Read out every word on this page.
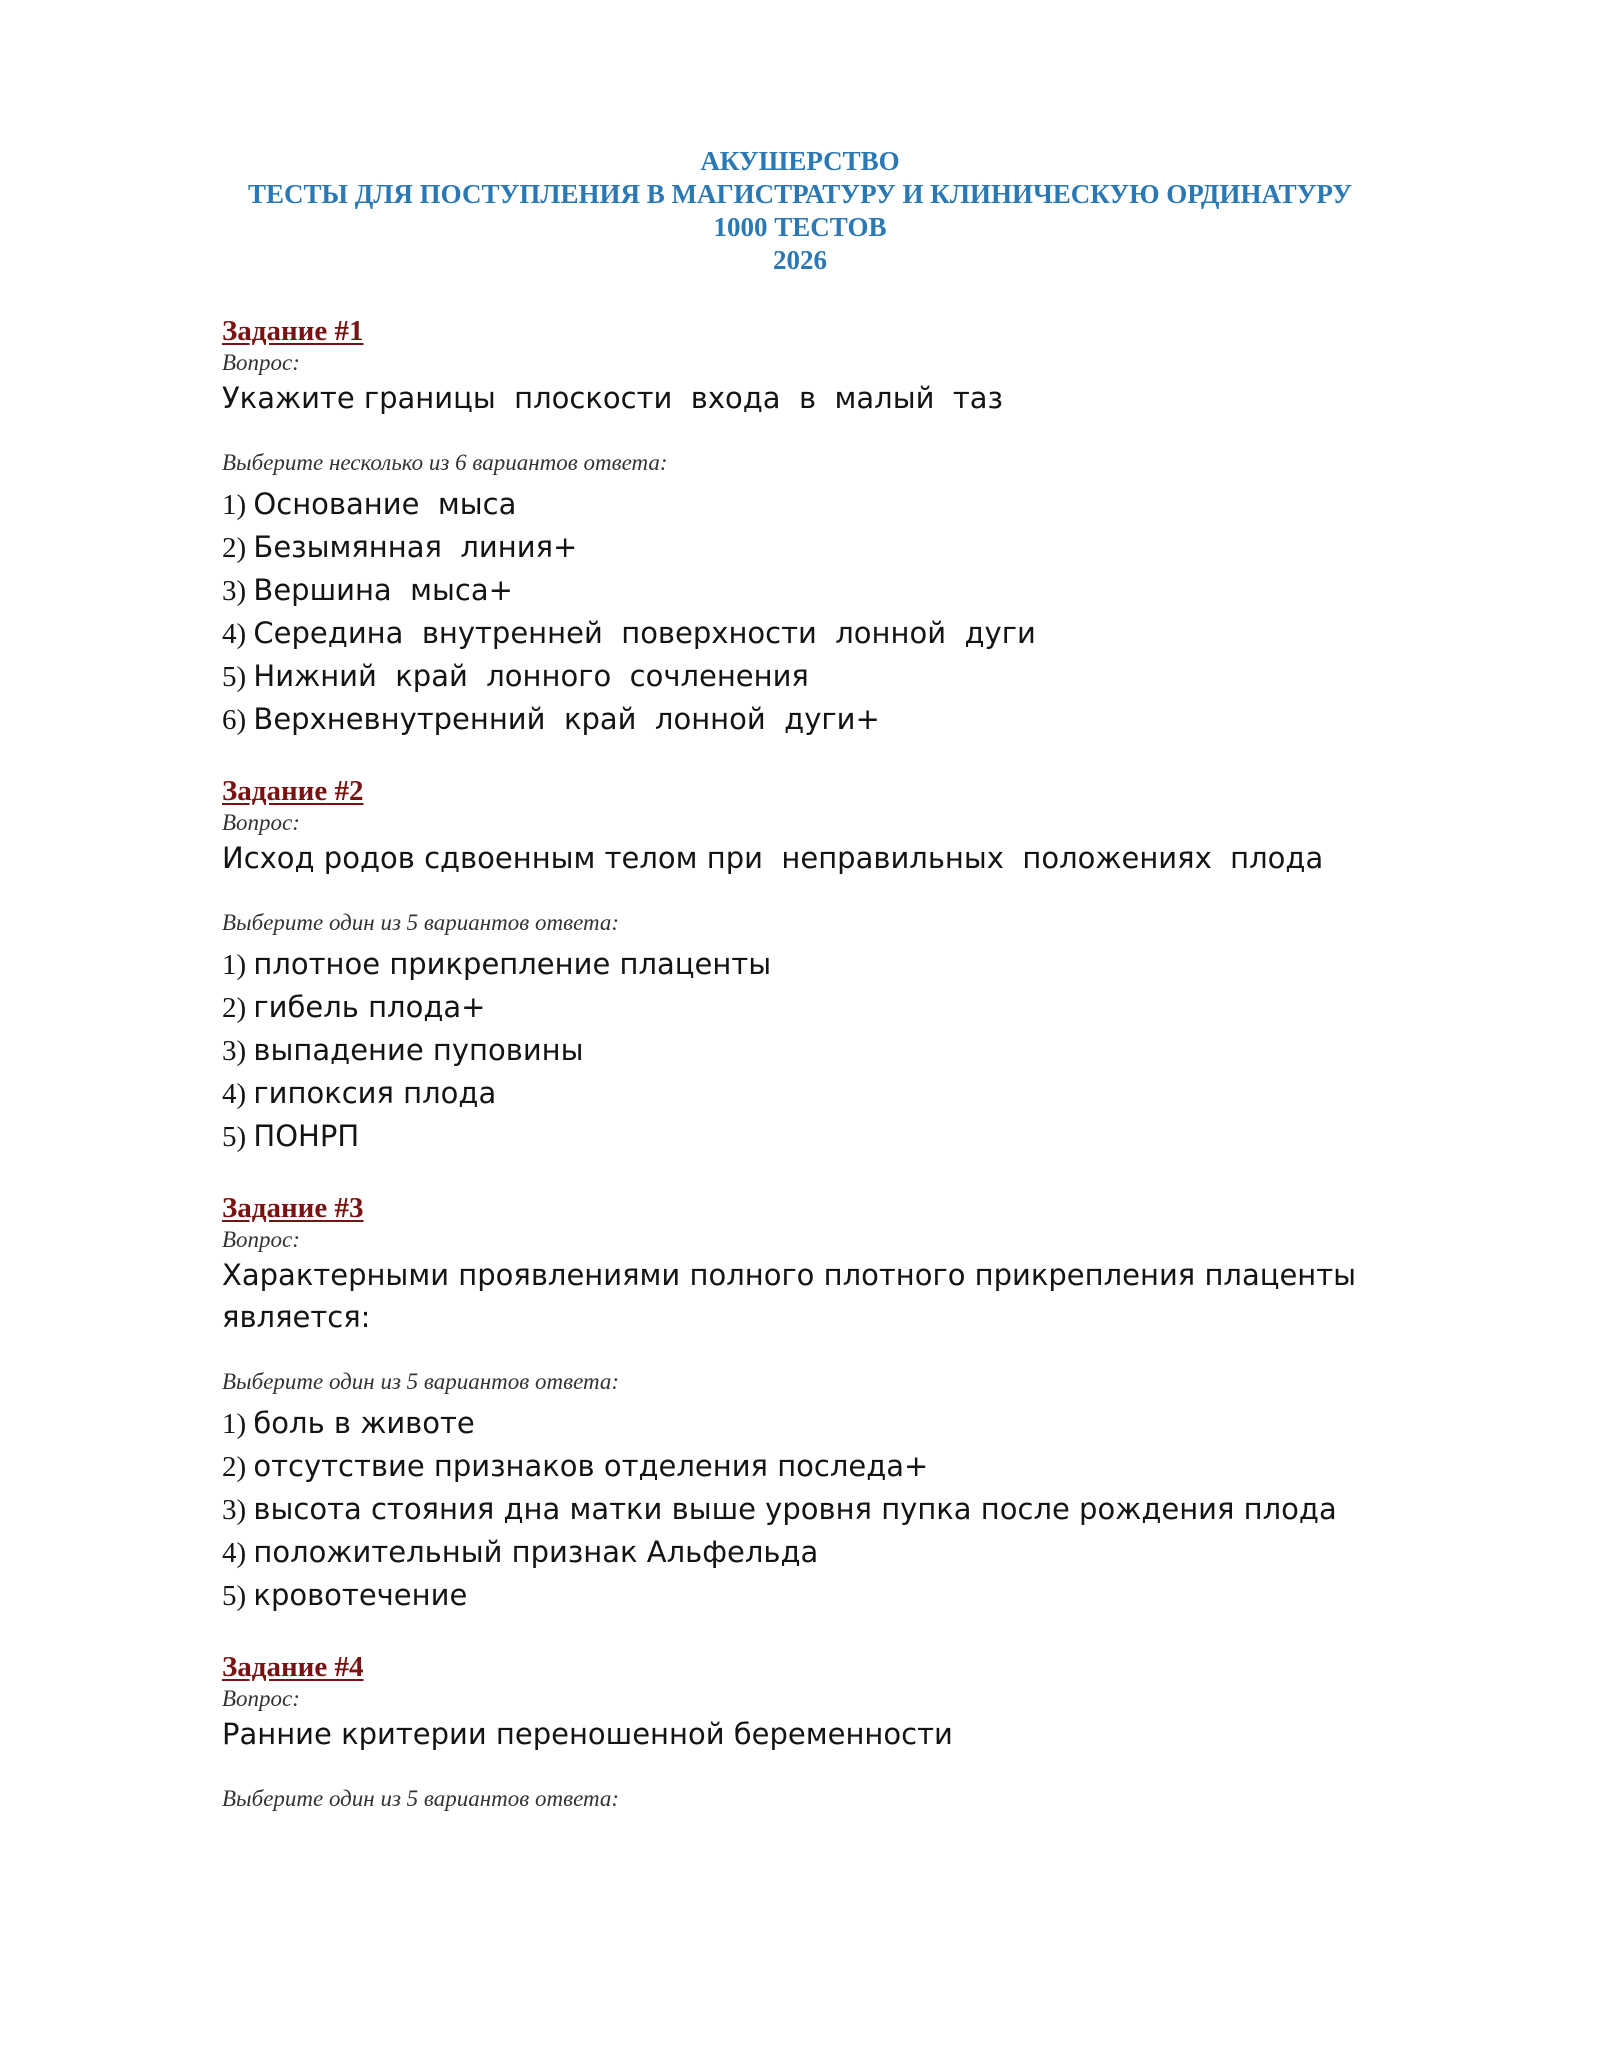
АКУШЕРСТВО
ТЕСТЫ ДЛЯ ПОСТУПЛЕНИЯ В МАГИСТРАТУРУ И КЛИНИЧЕСКУЮ ОРДИНАТУРУ
1000 ТЕСТОВ
2026
Задание #1
Вопрос:
Укажите границы  плоскости  входа  в  малый  таз
Выберите несколько из 6 вариантов ответа:
1) Основание  мыса
2) Безымянная  линия+
3) Вершина  мыса+
4) Середина  внутренней  поверхности  лонной  дуги
5) Нижний  край  лонного  сочленения
6) Верхневнутренний  край  лонной  дуги+
Задание #2
Вопрос:
Исход родов сдвоенным телом при  неправильных  положениях  плода
Выберите один из 5 вариантов ответа:
1) плотное прикрепление плаценты
2) гибель плода+
3) выпадение пуповины
4) гипоксия плода
5) ПОНРП
Задание #3
Вопрос:
Характерными проявлениями полного плотного прикрепления плаценты является:
Выберите один из 5 вариантов ответа:
1) боль в животе
2) отсутствие признаков отделения последа+
3) высота стояния дна матки выше уровня пупка после рождения плода
4) положительный признак Альфельда
5) кровотечение
Задание #4
Вопрос:
Ранние критерии переношенной беременности
Выберите один из 5 вариантов ответа:
